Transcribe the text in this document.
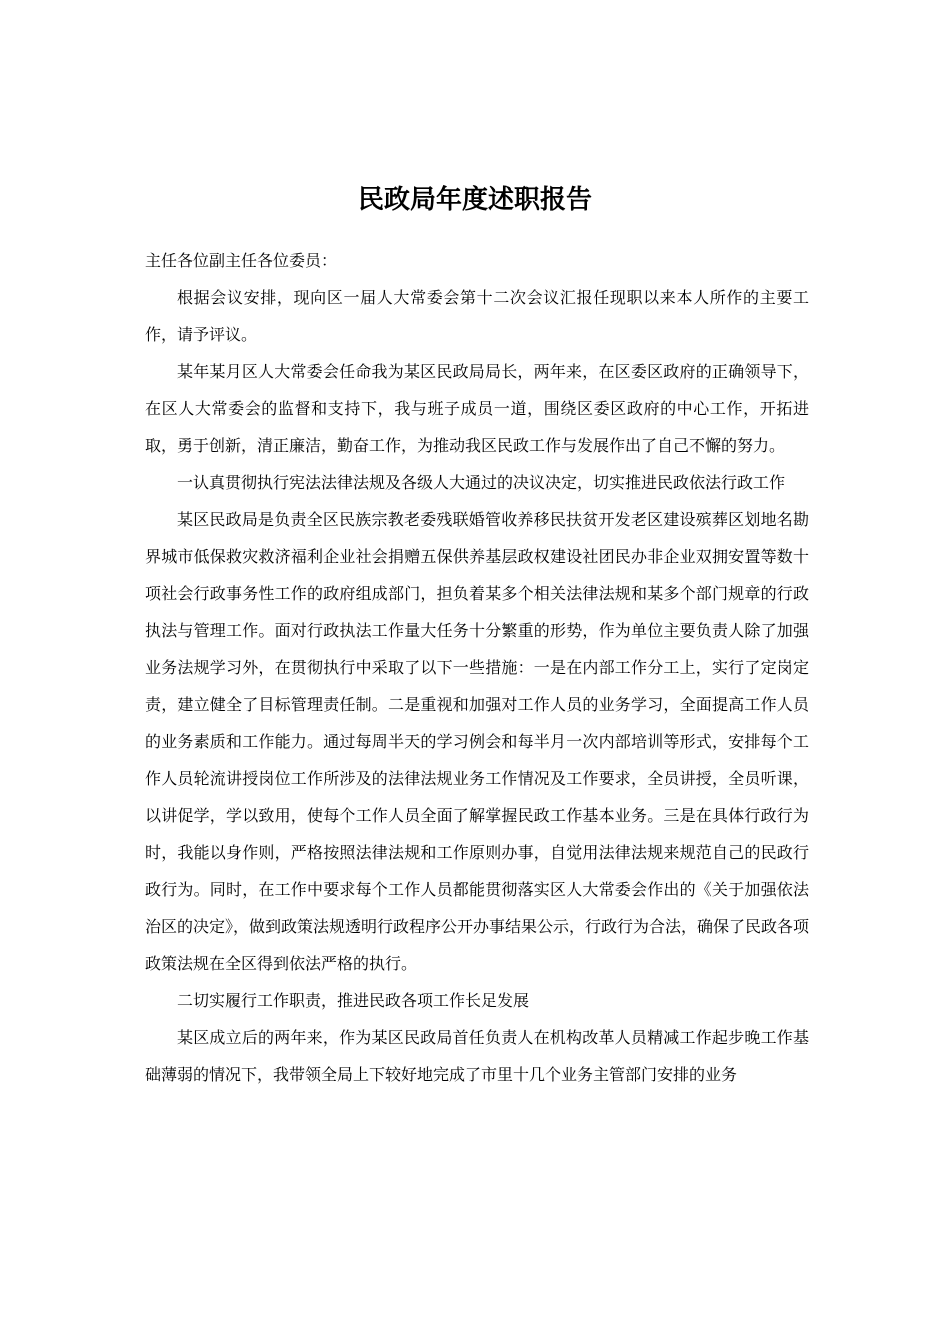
民政局年度述职报告

主任各位副主任各位委员：

根据会议安排，现向区一届人大常委会第十二次会议汇报任现职以来本人所作的主要工作，请予评议。

某年某月区人大常委会任命我为某区民政局局长，两年来，在区委区政府的正确领导下，在区人大常委会的监督和支持下，我与班子成员一道，围绕区委区政府的中心工作，开拓进取，勇于创新，清正廉洁，勤奋工作，为推动我区民政工作与发展作出了自己不懈的努力。

一认真贯彻执行宪法法律法规及各级人大通过的决议决定，切实推进民政依法行政工作

某区民政局是负责全区民族宗教老委残联婚管收养移民扶贫开发老区建设殡葬区划地名勘界城市低保救灾救济福利企业社会捐赠五保供养基层政权建设社团民办非企业双拥安置等数十项社会行政事务性工作的政府组成部门，担负着某多个相关法律法规和某多个部门规章的行政执法与管理工作。面对行政执法工作量大任务十分繁重的形势，作为单位主要负责人除了加强业务法规学习外，在贯彻执行中采取了以下一些措施：一是在内部工作分工上，实行了定岗定责，建立健全了目标管理责任制。二是重视和加强对工作人员的业务学习，全面提高工作人员的业务素质和工作能力。通过每周半天的学习例会和每半月一次内部培训等形式，安排每个工作人员轮流讲授岗位工作所涉及的法律法规业务工作情况及工作要求，全员讲授，全员听课，以讲促学，学以致用，使每个工作人员全面了解掌握民政工作基本业务。三是在具体行政行为时，我能以身作则，严格按照法律法规和工作原则办事，自觉用法律法规来规范自己的民政行政行为。同时，在工作中要求每个工作人员都能贯彻落实区人大常委会作出的《关于加强依法治区的决定》，做到政策法规透明行政程序公开办事结果公示，行政行为合法，确保了民政各项政策法规在全区得到依法严格的执行。

二切实履行工作职责，推进民政各项工作长足发展

某区成立后的两年来，作为某区民政局首任负责人在机构改革人员精减工作起步晚工作基础薄弱的情况下，我带领全局上下较好地完成了市里十几个业务主管部门安排的业务
